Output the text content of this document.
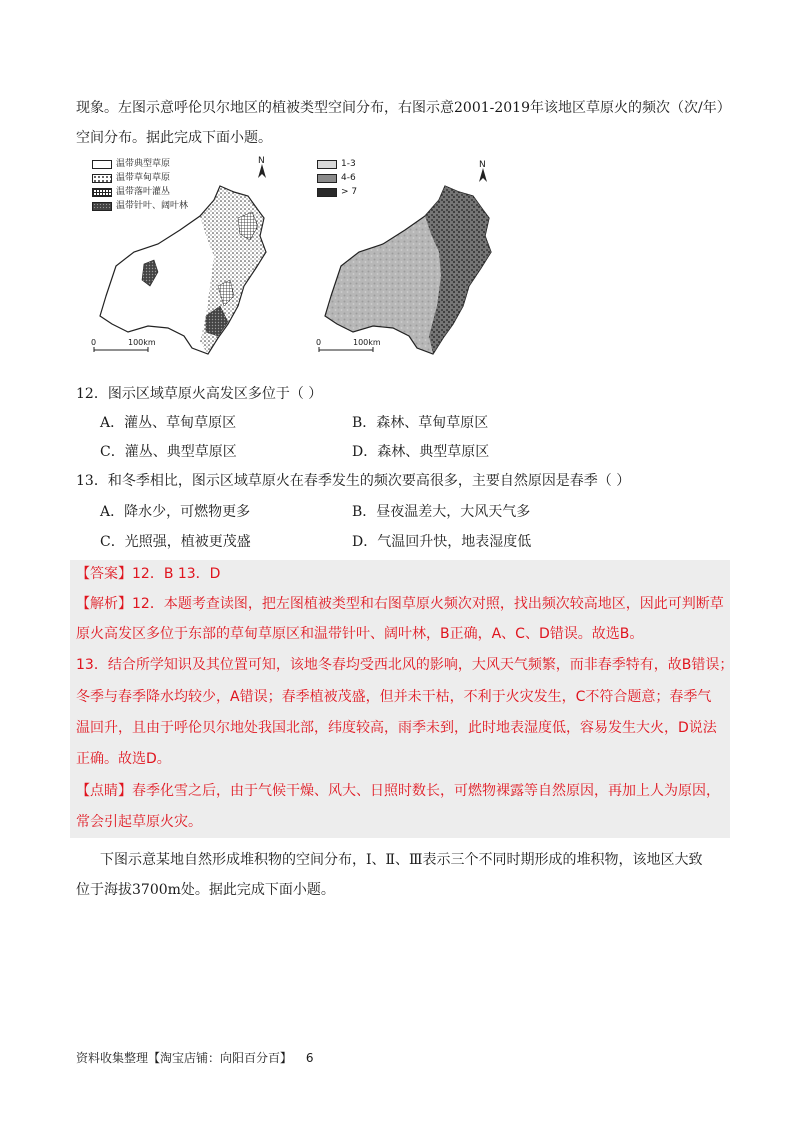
现象。左图示意呼伦贝尔地区的植被类型空间分布，右图示意2001-2019年该地区草原火的频次（次/年）
空间分布。据此完成下面小题。
温带典型草原
温带草甸草原
温带落叶灌丛
温带针叶、阔叶林
N
0	100km
1-3
4-6
> 7
N
0	100km
12．图示区域草原火高发区多位于（ ）
A．灌丛、草甸草原区	B．森林、草甸草原区
C．灌丛、典型草原区	D．森林、典型草原区
13．和冬季相比，图示区域草原火在春季发生的频次要高很多，主要自然原因是春季（ ）
A．降水少，可燃物更多	B．昼夜温差大，大风天气多
C．光照强，植被更茂盛	D．气温回升快，地表湿度低
【答案】12．B 13．D
【解析】12．本题考查读图，把左图植被类型和右图草原火频次对照，找出频次较高地区，因此可判断草
原火高发区多位于东部的草甸草原区和温带针叶、阔叶林，B正确，A、C、D错误。故选B。
13．结合所学知识及其位置可知，该地冬春均受西北风的影响，大风天气频繁，而非春季特有，故B错误；
冬季与春季降水均较少，A错误；春季植被茂盛，但并未干枯，不利于火灾发生，C不符合题意；春季气
温回升，且由于呼伦贝尔地处我国北部，纬度较高，雨季未到，此时地表湿度低，容易发生大火，D说法
正确。故选D。
【点睛】春季化雪之后，由于气候干燥、风大、日照时数长，可燃物裸露等自然原因，再加上人为原因，
常会引起草原火灾。
下图示意某地自然形成堆积物的空间分布，Ⅰ、Ⅱ、Ⅲ表示三个不同时期形成的堆积物，该地区大致
位于海拔3700m处。据此完成下面小题。
资料收集整理【淘宝店铺：向阳百分百】 6
